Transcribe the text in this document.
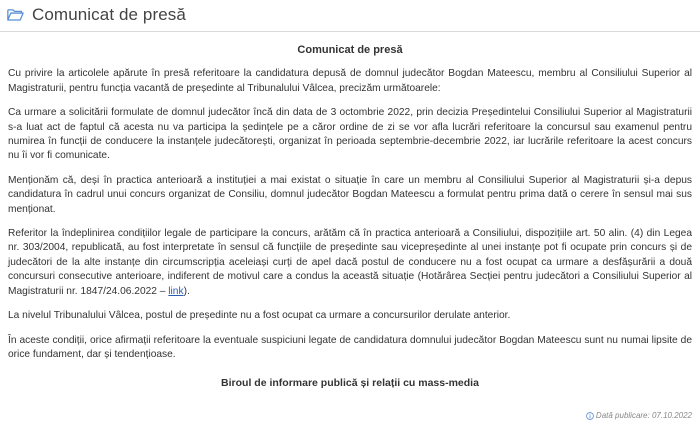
Comunicat de presă
Comunicat de presă

Cu privire la articolele apărute în presă referitoare la candidatura depusă de domnul judecător Bogdan Mateescu, membru al Consiliului Superior al Magistraturii, pentru funcția vacantă de președinte al Tribunalului Vâlcea, precizăm următoarele:

Ca urmare a solicitării formulate de domnul judecător încă din data de 3 octombrie 2022, prin decizia Președintelui Consiliului Superior al Magistraturii s-a luat act de faptul că acesta nu va participa la ședințele pe a căror ordine de zi se vor afla lucrări referitoare la concursul sau examenul pentru numirea în funcții de conducere la instanțele judecătorești, organizat în perioada septembrie-decembrie 2022, iar lucrările referitoare la acest concurs nu îi vor fi comunicate.

Menționăm că, deși în practica anterioară a instituției a mai existat o situație în care un membru al Consiliului Superior al Magistraturii și-a depus candidatura în cadrul unui concurs organizat de Consiliu, domnul judecător Bogdan Mateescu a formulat pentru prima dată o cerere în sensul mai sus menționat.

Referitor la îndeplinirea condițiilor legale de participare la concurs, arătăm că în practica anterioară a Consiliului, dispozițiile art. 50 alin. (4) din Legea nr. 303/2004, republicată, au fost interpretate în sensul că funcțiile de președinte sau vicepreședinte al unei instanțe pot fi ocupate prin concurs și de judecători de la alte instanțe din circumscripția aceleiași curți de apel dacă postul de conducere nu a fost ocupat ca urmare a desfășurării a două concursuri consecutive anterioare, indiferent de motivul care a condus la această situație (Hotărârea Secției pentru judecători a Consiliului Superior al Magistraturii nr. 1847/24.06.2022 – link).

La nivelul Tribunalului Vâlcea, postul de președinte nu a fost ocupat ca urmare a concursurilor derulate anterior.

În aceste condiții, orice afirmații referitoare la eventuale suspiciuni legate de candidatura domnului judecător Bogdan Mateescu sunt nu numai lipsite de orice fundament, dar și tendențioase.

Biroul de informare publică și relații cu mass-media
Dată publicare: 07.10.2022
